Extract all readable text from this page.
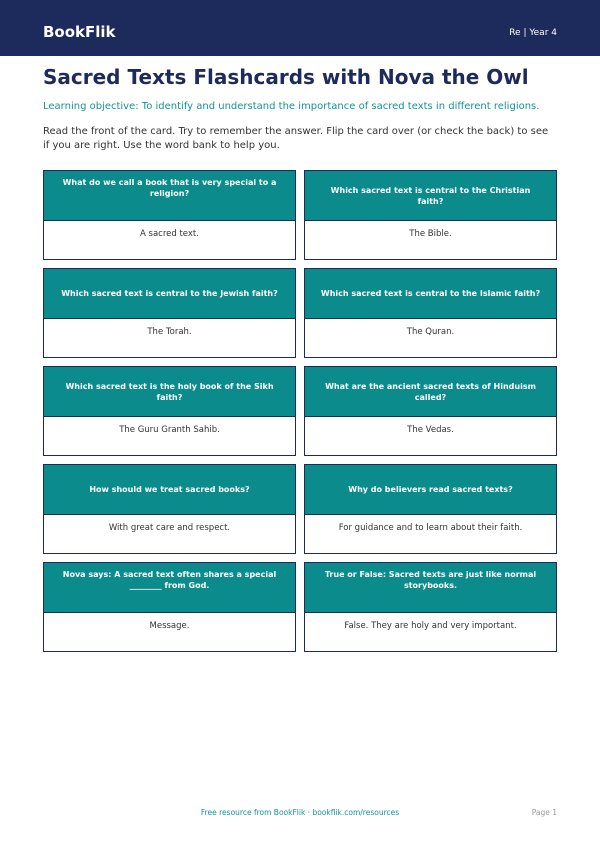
BookFlik	Re | Year 4
Sacred Texts Flashcards with Nova the Owl

Learning objective: To identify and understand the importance of sacred texts in different religions.

Read the front of the card. Try to remember the answer. Flip the card over (or check the back) to see if you are right. Use the word bank to help you.

What do we call a book that is very special to a religion?
A sacred text.
Which sacred text is central to the Christian faith?
The Bible.
Which sacred text is central to the Jewish faith?
The Torah.
Which sacred text is central to the Islamic faith?
The Quran.
Which sacred text is the holy book of the Sikh faith?
The Guru Granth Sahib.
What are the ancient sacred texts of Hinduism called?
The Vedas.
How should we treat sacred books?
With great care and respect.
Why do believers read sacred texts?
For guidance and to learn about their faith.
Nova says: A sacred text often shares a special ________ from God.
Message.
True or False: Sacred texts are just like normal storybooks.
False. They are holy and very important.
Free resource from BookFlik · bookflik.com/resources	Page 1
